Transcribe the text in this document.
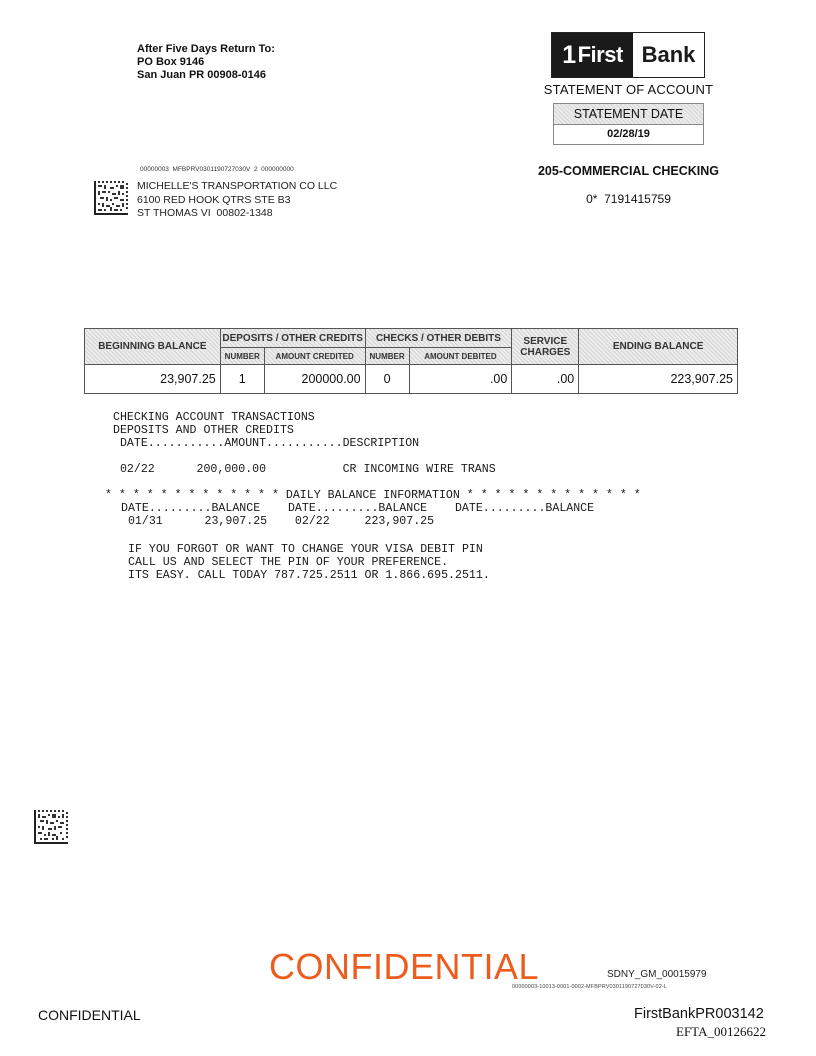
After Five Days Return To:
PO Box 9146
San Juan PR 00908-0146
1 First Bank
STATEMENT OF ACCOUNT
STATEMENT DATE
02/28/19
205-COMMERCIAL CHECKING
0*  7191415759
00000003  MFBPRV0301190727030V  2  000000000
MICHELLE'S TRANSPORTATION CO LLC
6100 RED HOOK QTRS STE B3
ST THOMAS VI  00802-1348
BEGINNING BALANCE	DEPOSITS / OTHER CREDITS		CHECKS / OTHER DEBITS		SERVICE
CHARGES	ENDING BALANCE
	NUMBER	AMOUNT CREDITED	NUMBER	AMOUNT DEBITED		
23,907.25	1	200000.00	0	.00	.00	223,907.25
CHECKING ACCOUNT TRANSACTIONS
DEPOSITS AND OTHER CREDITS
DATE...........AMOUNT...........DESCRIPTION
02/22      200,000.00           CR INCOMING WIRE TRANS
* * * * * * * * * * * * * DAILY BALANCE INFORMATION * * * * * * * * * * * * *
DATE.........BALANCE    DATE.........BALANCE    DATE.........BALANCE
01/31      23,907.25    02/22     223,907.25
IF YOU FORGOT OR WANT TO CHANGE YOUR VISA DEBIT PIN
CALL US AND SELECT THE PIN OF YOUR PREFERENCE.
ITS EASY. CALL TODAY 787.725.2511 OR 1.866.695.2511.
CONFIDENTIAL	SDNY_GM_00015979
00000003-10013-0001-0002-MFBPRV0301190727030V-02-L
CONFIDENTIAL	FirstBankPR003142
EFTA_00126622
